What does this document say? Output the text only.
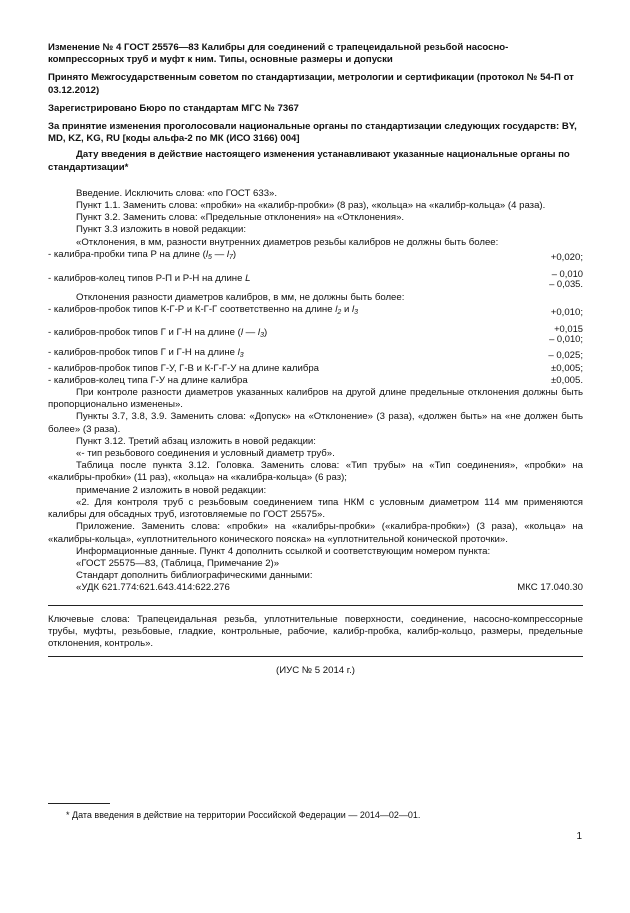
Изменение № 4 ГОСТ 25576—83 Калибры для соединений с трапецеидальной резьбой насосно-компрессорных труб и муфт к ним. Типы, основные размеры и допуски

Принято Межгосударственным советом по стандартизации, метрологии и сертификации (протокол № 54-П от 03.12.2012)

Зарегистрировано Бюро по стандартам МГС № 7367

За принятие изменения проголосовали национальные органы по стандартизации следующих государств: BY, MD, KZ, KG, RU [коды альфа-2 по МК (ИСО 3166) 004]

Дату введения в действие настоящего изменения устанавливают указанные национальные органы по стандартизации*

Введение. Исключить слова: «по ГОСТ 633».

Пункт 1.1. Заменить слова: «пробки» на «калибр-пробки» (8 раз), «кольца» на «калибр-кольца» (4 раза).

Пункт 3.2. Заменить слова: «Предельные отклонения» на «Отклонения».

Пункт 3.3 изложить в новой редакции:

«Отклонения, в мм, разности внутренних диаметров резьбы калибров не должны быть более:

- калибра-пробки типа Р на длине ($l_5$ — $l_7$)	+0,020;
- калибров-колец типов Р-П и Р-Н на длине L	– 0,010
– 0,035.

Отклонения разности диаметров калибров, в мм, не должны быть более:

- калибров-пробок типов К-Г-Р и К-Г-Г соответственно на длине $l_2$ и $l_3$	+0,010;
- калибров-пробок типов Г и Г-Н на длине (l — $l_3$)	+0,015
– 0,010;
- калибров-пробок типов Г и Г-Н на длине $l_3$	– 0,025;
- калибров-пробок типов Г-У, Г-В и К-Г-Г-У на длине калибра	±0,005;
- калибров-колец типа Г-У на длине калибра	±0,005.

При контроле разности диаметров указанных калибров на другой длине предельные отклонения должны быть пропорционально изменены».

Пункты 3.7, 3.8, 3.9. Заменить слова: «Допуск» на «Отклонение» (3 раза), «должен быть» на «не должен быть более» (3 раза).

Пункт 3.12. Третий абзац изложить в новой редакции:

«- тип резьбового соединения и условный диаметр труб».

Таблица после пункта 3.12. Головка. Заменить слова: «Тип трубы» на «Тип соединения», «пробки» на «калибры-пробки» (11 раз), «кольца» на «калибра-кольца» (6 раз);

примечание 2 изложить в новой редакции:

«2. Для контроля труб с резьбовым соединением типа НКМ с условным диаметром 114 мм применяются калибры для обсадных труб, изготовляемые по ГОСТ 25575».

Приложение. Заменить слова: «пробки» на «калибры-пробки» («калибра-пробки») (3 раза), «кольца» на «калибры-кольца», «уплотнительного конического пояска» на «уплотнительной конической проточки».

Информационные данные. Пункт 4 дополнить ссылкой и соответствующим номером пункта:

«ГОСТ 25575—83, (Таблица, Примечание 2)»

Стандарт дополнить библиографическими данными:

«УДК 621.774:621.643.414:622.276	МКС 17.040.30

Ключевые слова: Трапецеидальная резьба, уплотнительные поверхности, соединение, насосно-компрессорные трубы, муфты, резьбовые, гладкие, контрольные, рабочие, калибр-пробка, калибр-кольцо, размеры, предельные отклонения, контроль».

(ИУС № 5 2014 г.)

* Дата введения в действие на территории Российской Федерации — 2014—02—01.
1
